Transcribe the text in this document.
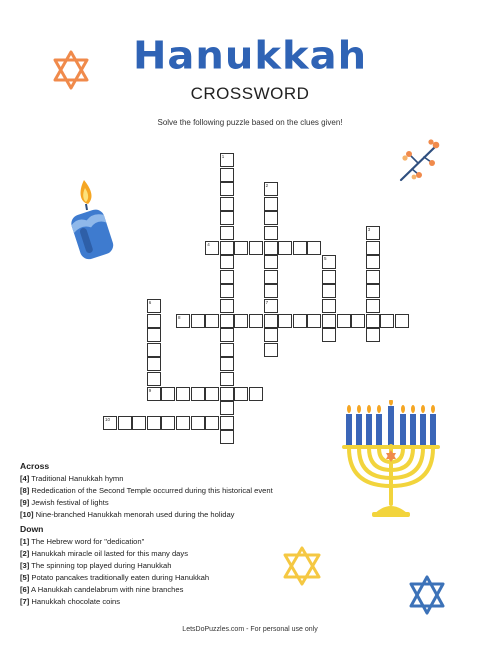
Hanukkah
CROSSWORD
Solve the following puzzle based on the clues given!
1
2
3
4
5
6
9
7
8
10
Across
[4] Traditional Hanukkah hymn
[8] Rededication of the Second Temple occurred during this historical event
[9] Jewish festival of lights
[10] Nine-branched Hanukkah menorah used during the holiday
Down
[1] The Hebrew word for "dedication"
[2] Hanukkah miracle oil lasted for this many days
[3] The spinning top played during Hanukkah
[5] Potato pancakes traditionally eaten during Hanukkah
[6] A Hanukkah candelabrum with nine branches
[7] Hanukkah chocolate coins
LetsDoPuzzles.com - For personal use only
